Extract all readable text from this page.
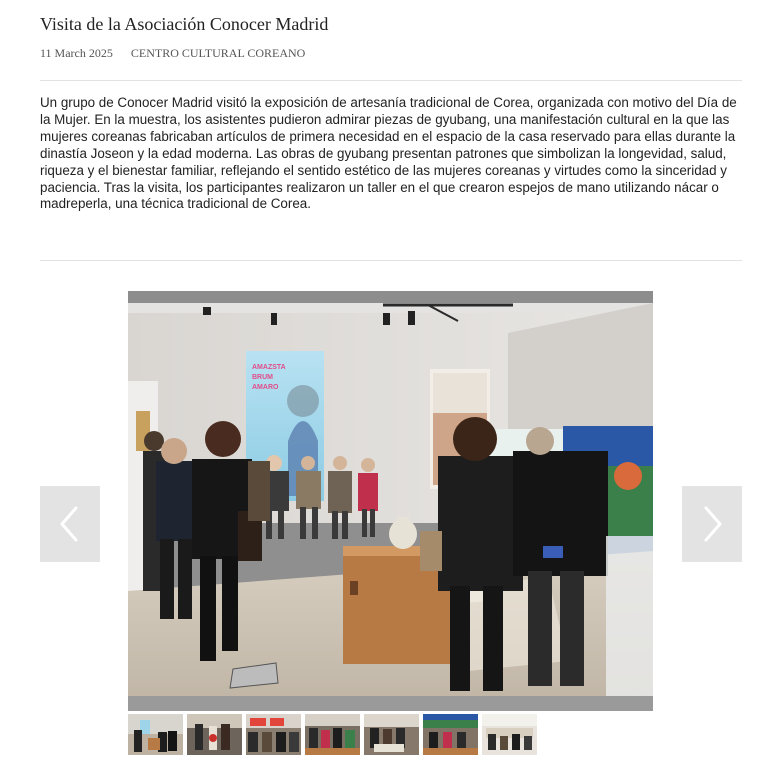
Visita de la Asociación Conocer Madrid
11 March 2025 CENTRO CULTURAL COREANO

Un grupo de Conocer Madrid visitó la exposición de artesanía tradicional de Corea, organizada con motivo del Día de la Mujer. En la muestra, los asistentes pudieron admirar piezas de gyubang, una manifestación cultural en la que las mujeres coreanas fabricaban artículos de primera necesidad en el espacio de la casa reservado para ellas durante la dinastía Joseon y la edad moderna. Las obras de gyubang presentan patrones que simbolizan la longevidad, salud, riqueza y el bienestar familiar, reflejando el sentido estético de las mujeres coreanas y virtudes como la sinceridad y paciencia. Tras la visita, los participantes realizaron un taller en el que crearon espejos de mano utilizando nácar o madreperla, una técnica tradicional de Corea.

AMAZSTA
BRUM
AMARO
